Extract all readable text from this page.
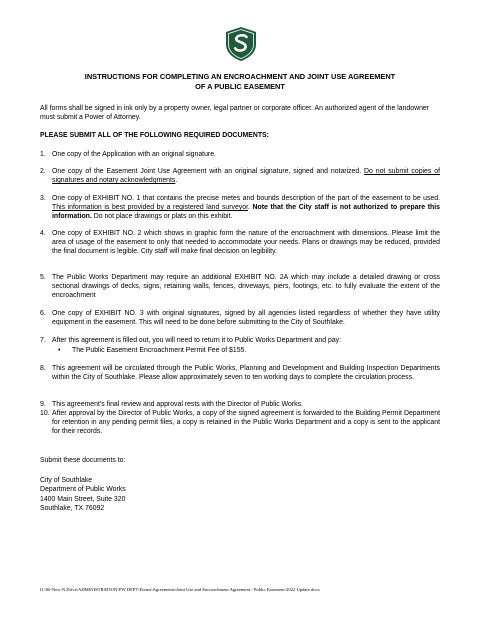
INSTRUCTIONS FOR COMPLETING AN ENCROACHMENT AND JOINT USE AGREEMENT
OF A PUBLIC EASEMENT
All forms shall be signed in ink only by a property owner, legal partner or corporate officer. An authorized agent of the landowner must submit a Power of Attorney.
PLEASE SUBMIT ALL OF THE FOLLOWING REQUIRED DOCUMENTS:
1. One copy of the Application with an original signature.
2. One copy of the Easement Joint Use Agreement with an original signature, signed and notarized. Do not submit copies of signatures and notary acknowledgments.
3. One copy of EXHIBIT NO. 1 that contains the precise metes and bounds description of the part of the easement to be used. This information is best provided by a registered land surveyor. Note that the City staff is not authorized to prepare this information. Do not place drawings or plats on this exhibit.
4. One copy of EXHIBIT NO. 2 which shows in graphic form the nature of the encroachment with dimensions. Please limit the area of usage of the easement to only that needed to accommodate your needs. Plans or drawings may be reduced, provided the final document is legible. City staff will make final decision on legibility.
5. The Public Works Department may require an additional EXHIBIT NO. 2A which may include a detailed drawing or cross sectional drawings of decks, signs, retaining walls, fences, driveways, piers, footings, etc. to fully evaluate the extent of the encroachment
6. One copy of EXHIBIT NO. 3 with original signatures, signed by all agencies listed regardless of whether they have utility equipment in the easement. This will need to be done before submitting to the City of Southlake.
7. After this agreement is filled out, you will need to return it to Public Works Department and pay:
• The Public Easement Encroachment Permit Fee of $155.
8. This agreement will be circulated through the Public Works, Planning and Development and Building Inspection Departments within the City of Southlake. Please allow approximately seven to ten working days to complete the circulation process.
9. This agreement’s final review and approval rests with the Director of Public Works.
10. After approval by the Director of Public Works, a copy of the signed agreement is forwarded to the Building Permit Department for retention in any pending permit files, a copy is retained in the Public Works Department and a copy is sent to the applicant for their records.
Submit these documents to:
City of Southlake
Department of Public Works
1400 Main Street, Suite 320
Southlake, TX 76092
O:\00-New N Drive\ADMINISTRATION-PW DEPT\Forms\Agreements\Joint Use and Encroachment Agreement - Public Easement-2022 Update.docx
